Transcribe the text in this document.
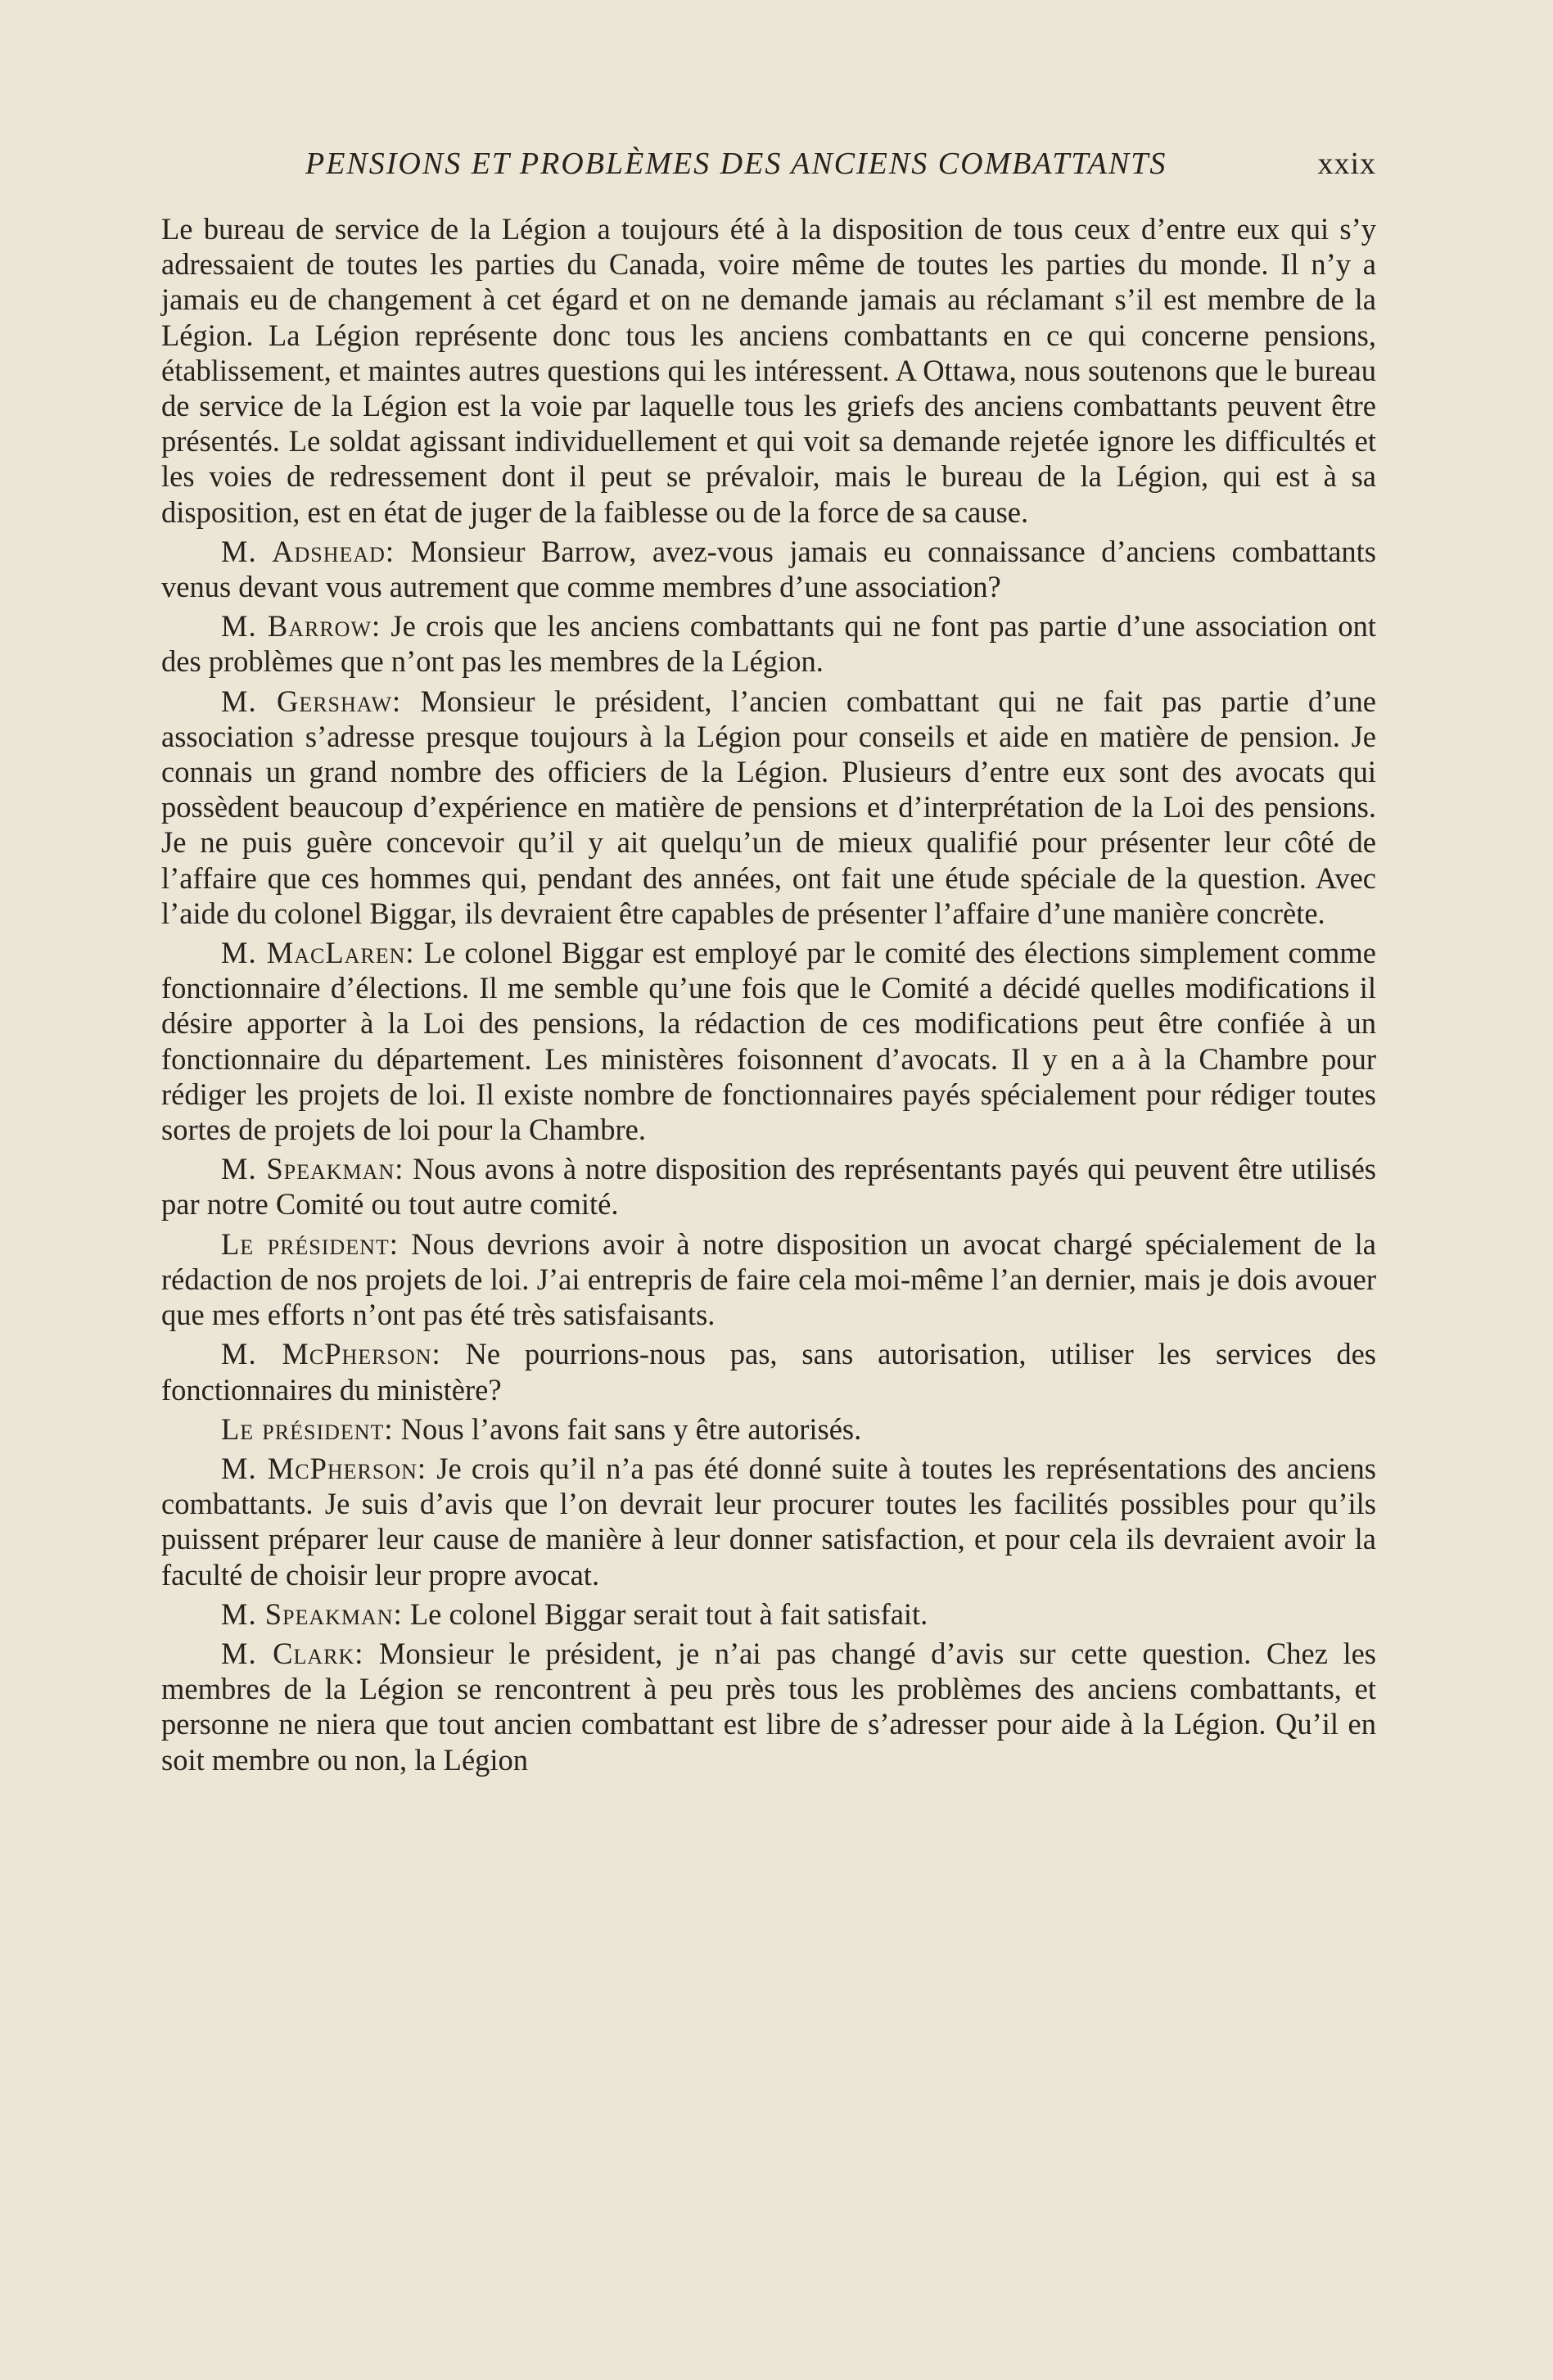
PENSIONS ET PROBLÈMES DES ANCIENS COMBATTANTS	xxix

Le bureau de service de la Légion a toujours été à la disposition de tous ceux d’entre eux qui s’y adressaient de toutes les parties du Canada, voire même de toutes les parties du monde. Il n’y a jamais eu de changement à cet égard et on ne demande jamais au réclamant s’il est membre de la Légion. La Légion représente donc tous les anciens combattants en ce qui concerne pensions, établissement, et maintes autres questions qui les intéressent. A Ottawa, nous soutenons que le bureau de service de la Légion est la voie par laquelle tous les griefs des anciens combattants peuvent être présentés. Le soldat agissant individuellement et qui voit sa demande rejetée ignore les difficultés et les voies de redressement dont il peut se prévaloir, mais le bureau de la Légion, qui est à sa disposition, est en état de juger de la faiblesse ou de la force de sa cause.

M. Adshead: Monsieur Barrow, avez-vous jamais eu connaissance d’anciens combattants venus devant vous autrement que comme membres d’une association?

M. Barrow: Je crois que les anciens combattants qui ne font pas partie d’une association ont des problèmes que n’ont pas les membres de la Légion.

M. Gershaw: Monsieur le président, l’ancien combattant qui ne fait pas partie d’une association s’adresse presque toujours à la Légion pour conseils et aide en matière de pension. Je connais un grand nombre des officiers de la Légion. Plusieurs d’entre eux sont des avocats qui possèdent beaucoup d’expérience en matière de pensions et d’interprétation de la Loi des pensions. Je ne puis guère concevoir qu’il y ait quelqu’un de mieux qualifié pour présenter leur côté de l’affaire que ces hommes qui, pendant des années, ont fait une étude spéciale de la question. Avec l’aide du colonel Biggar, ils devraient être capables de présenter l’affaire d’une manière concrète.

M. MacLaren: Le colonel Biggar est employé par le comité des élections simplement comme fonctionnaire d’élections. Il me semble qu’une fois que le Comité a décidé quelles modifications il désire apporter à la Loi des pensions, la rédaction de ces modifications peut être confiée à un fonctionnaire du département. Les ministères foisonnent d’avocats. Il y en a à la Chambre pour rédiger les projets de loi. Il existe nombre de fonctionnaires payés spécialement pour rédiger toutes sortes de projets de loi pour la Chambre.

M. Speakman: Nous avons à notre disposition des représentants payés qui peuvent être utilisés par notre Comité ou tout autre comité.

Le président: Nous devrions avoir à notre disposition un avocat chargé spécialement de la rédaction de nos projets de loi. J’ai entrepris de faire cela moi-même l’an dernier, mais je dois avouer que mes efforts n’ont pas été très satisfaisants.

M. McPherson: Ne pourrions-nous pas, sans autorisation, utiliser les services des fonctionnaires du ministère?

Le président: Nous l’avons fait sans y être autorisés.

M. McPherson: Je crois qu’il n’a pas été donné suite à toutes les représentations des anciens combattants. Je suis d’avis que l’on devrait leur procurer toutes les facilités possibles pour qu’ils puissent préparer leur cause de manière à leur donner satisfaction, et pour cela ils devraient avoir la faculté de choisir leur propre avocat.

M. Speakman: Le colonel Biggar serait tout à fait satisfait.

M. Clark: Monsieur le président, je n’ai pas changé d’avis sur cette question. Chez les membres de la Légion se rencontrent à peu près tous les problèmes des anciens combattants, et personne ne niera que tout ancien combattant est libre de s’adresser pour aide à la Légion. Qu’il en soit membre ou non, la Légion
